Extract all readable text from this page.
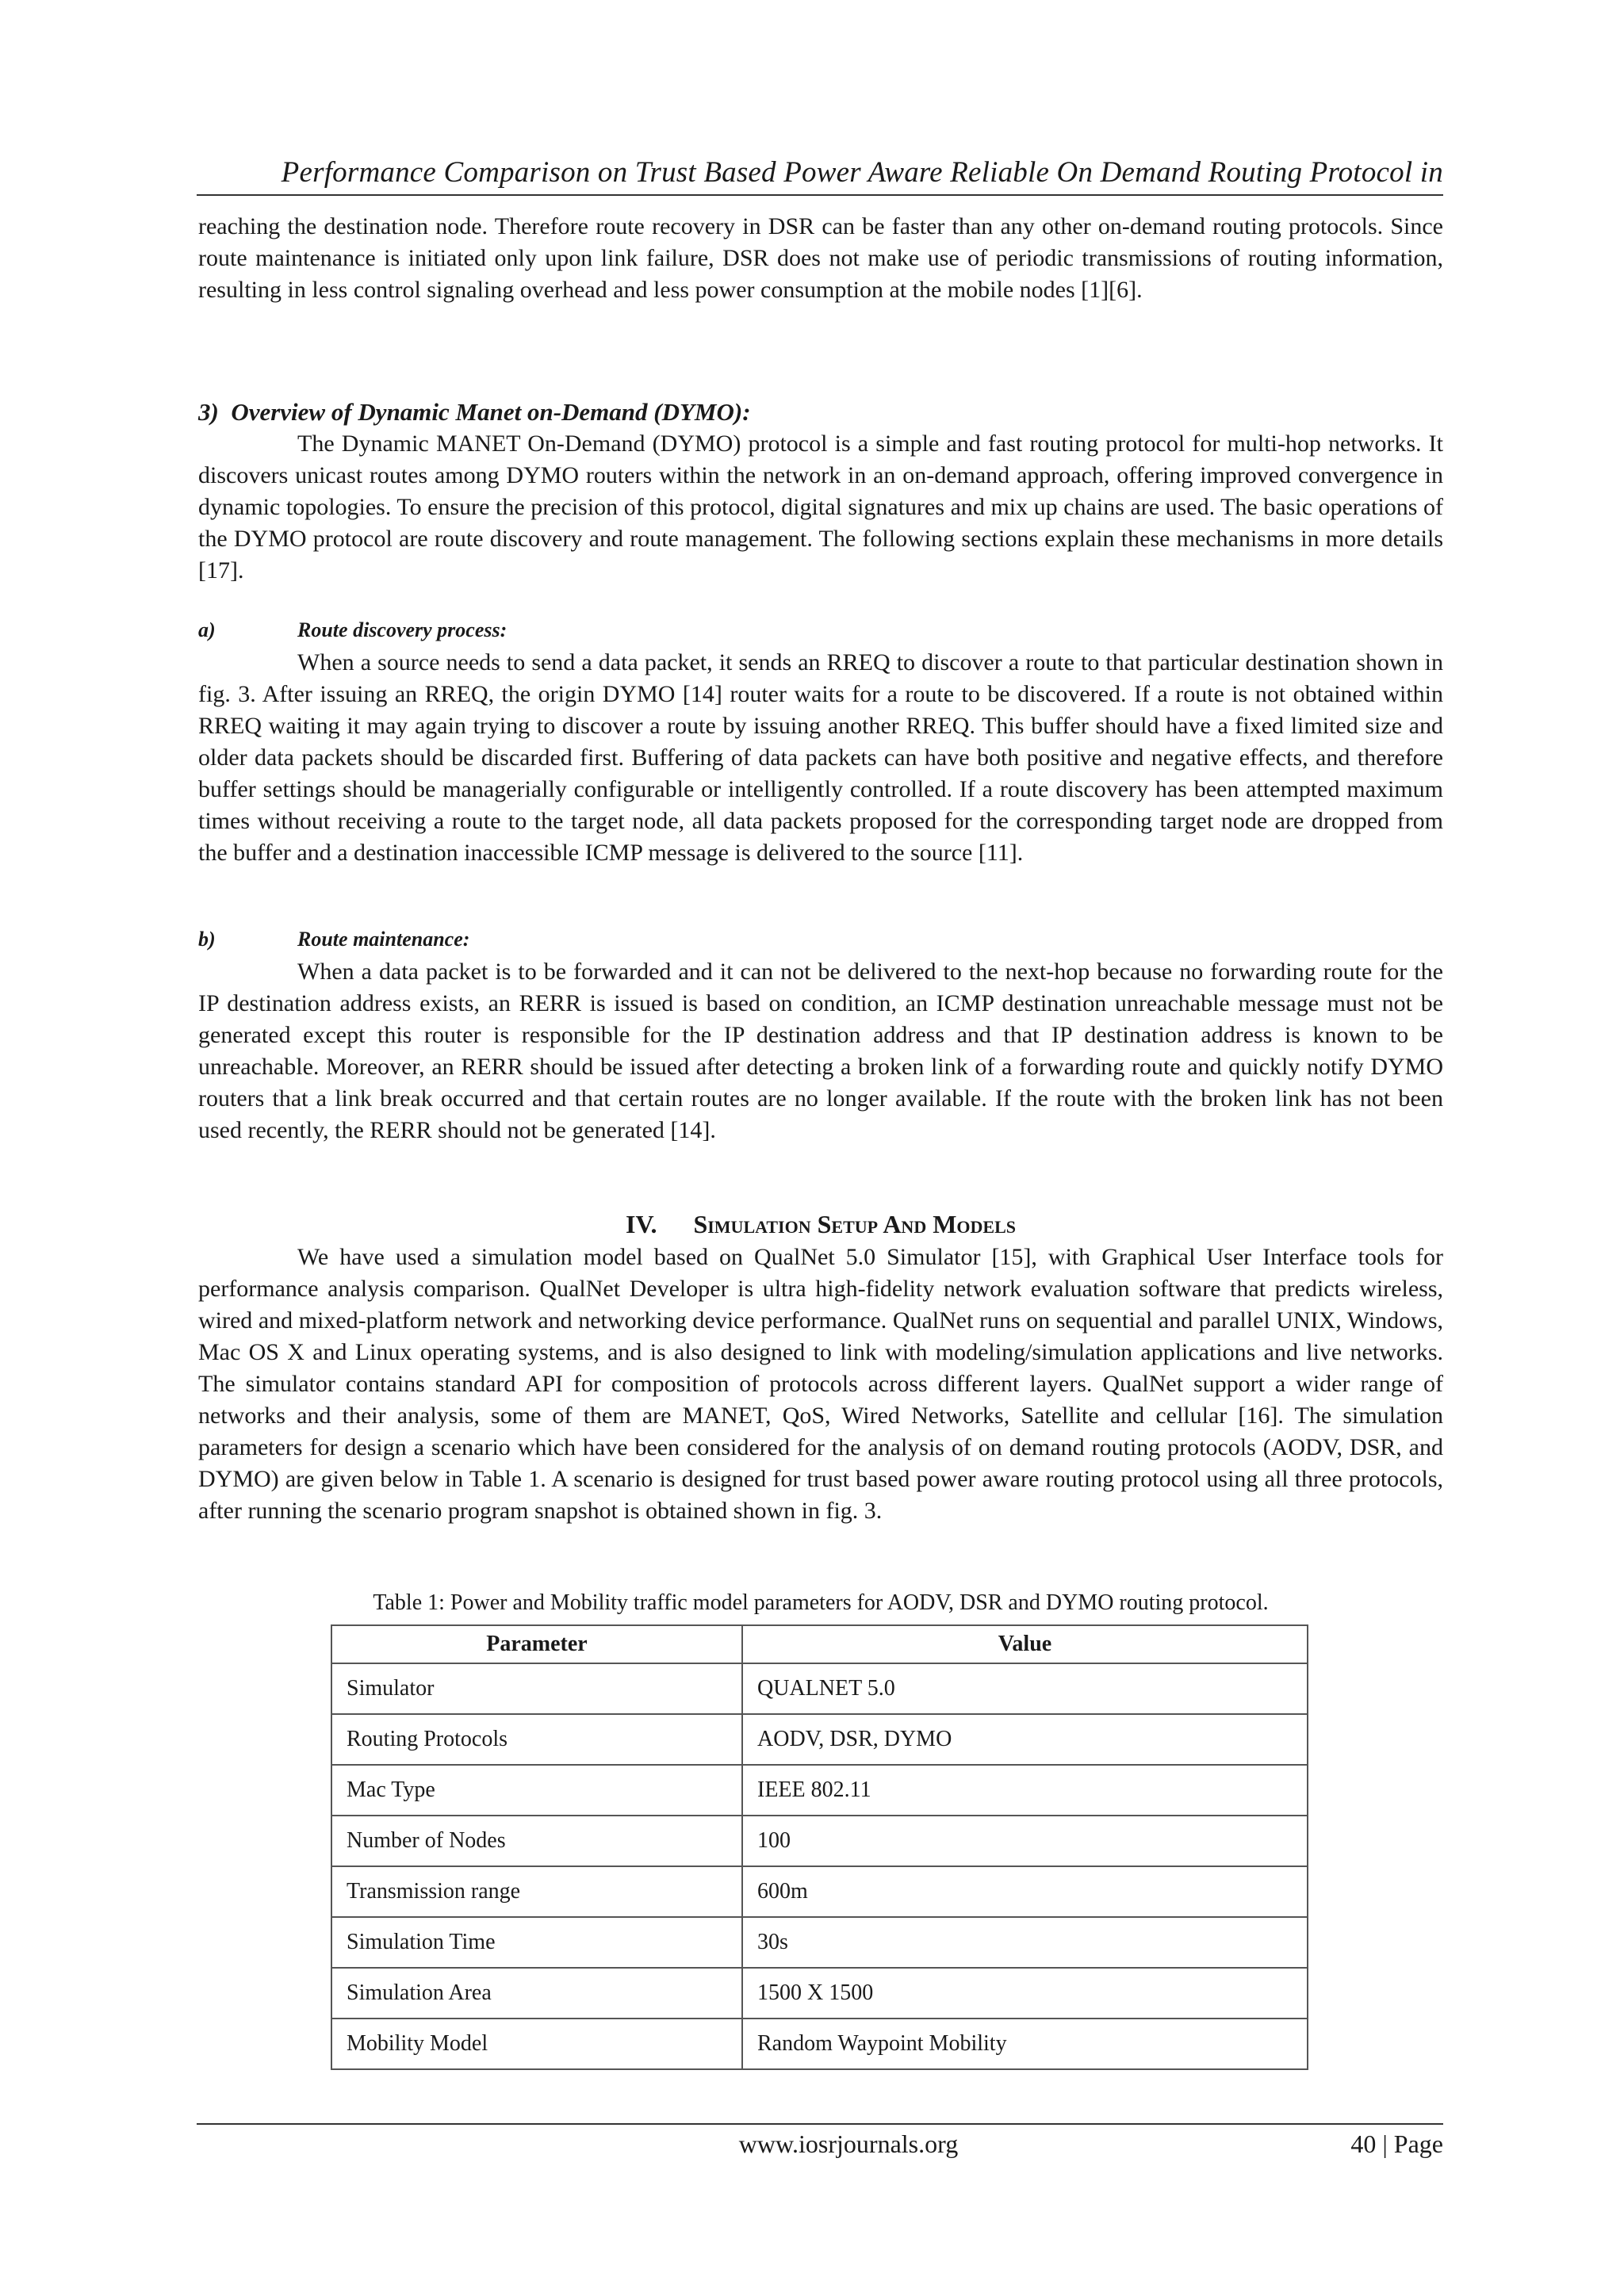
Performance Comparison on Trust Based Power Aware Reliable On Demand Routing Protocol in

reaching the destination node. Therefore route recovery in DSR can be faster than any other on-demand routing protocols. Since route maintenance is initiated only upon link failure, DSR does not make use of periodic transmissions of routing information, resulting in less control signaling overhead and less power consumption at the mobile nodes [1][6].

3)  Overview of Dynamic Manet on-Demand (DYMO):

The Dynamic MANET On-Demand (DYMO) protocol is a simple and fast routing protocol for multi-hop networks. It discovers unicast routes among DYMO routers within the network in an on-demand approach, offering improved convergence in dynamic topologies. To ensure the precision of this protocol, digital signatures and mix up chains are used. The basic operations of the DYMO protocol are route discovery and route management. The following sections explain these mechanisms in more details [17].

a)	Route discovery process:

When a source needs to send a data packet, it sends an RREQ to discover a route to that particular destination shown in fig. 3. After issuing an RREQ, the origin DYMO [14] router waits for a route to be discovered. If a route is not obtained within RREQ waiting it may again trying to discover a route by issuing another RREQ. This buffer should have a fixed limited size and older data packets should be discarded first. Buffering of data packets can have both positive and negative effects, and therefore buffer settings should be managerially configurable or intelligently controlled. If a route discovery has been attempted maximum times without receiving a route to the target node, all data packets proposed for the corresponding target node are dropped from the buffer and a destination inaccessible ICMP message is delivered to the source [11].

b)	Route maintenance:

When a data packet is to be forwarded and it can not be delivered to the next-hop because no forwarding route for the IP destination address exists, an RERR is issued is based on condition, an ICMP destination unreachable message must not be generated except this router is responsible for the IP destination address and that IP destination address is known to be unreachable. Moreover, an RERR should be issued after detecting a broken link of a forwarding route and quickly notify DYMO routers that a link break occurred and that certain routes are no longer available. If the route with the broken link has not been used recently, the RERR should not be generated [14].

IV. Simulation Setup And Models

We have used a simulation model based on QualNet 5.0 Simulator [15], with Graphical User Interface tools for performance analysis comparison. QualNet Developer is ultra high-fidelity network evaluation software that predicts wireless, wired and mixed-platform network and networking device performance. QualNet runs on sequential and parallel UNIX, Windows, Mac OS X and Linux operating systems, and is also designed to link with modeling/simulation applications and live networks. The simulator contains standard API for composition of protocols across different layers. QualNet support a wider range of networks and their analysis, some of them are MANET, QoS, Wired Networks, Satellite and cellular [16]. The simulation parameters for design a scenario which have been considered for the analysis of on demand routing protocols (AODV, DSR, and DYMO) are given below in Table 1. A scenario is designed for trust based power aware routing protocol using all three protocols, after running the scenario program snapshot is obtained shown in fig. 3.

Table 1: Power and Mobility traffic model parameters for AODV, DSR and DYMO routing protocol.
Parameter	Value
Simulator	QUALNET 5.0
Routing Protocols	AODV, DSR, DYMO
Mac Type	IEEE 802.11
Number of Nodes	100
Transmission range	600m
Simulation Time	30s
Simulation Area	1500 X 1500
Mobility Model	Random Waypoint Mobility
www.iosrjournals.org	40 | Page
